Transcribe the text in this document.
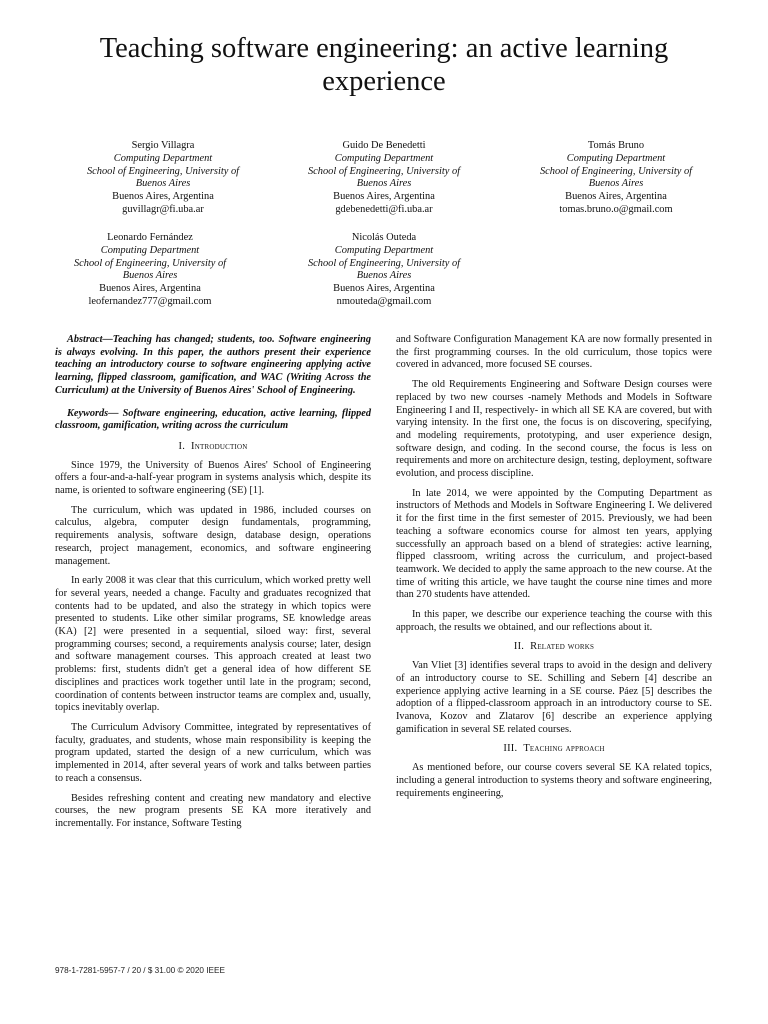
Teaching software engineering: an active learning experience
Sergio Villagra
Computing Department
School of Engineering, University of
Buenos Aires
Buenos Aires, Argentina
guvillagr@fi.uba.ar
Guido De Benedetti
Computing Department
School of Engineering, University of
Buenos Aires
Buenos Aires, Argentina
gdebenedetti@fi.uba.ar
Tomás Bruno
Computing Department
School of Engineering, University of
Buenos Aires
Buenos Aires, Argentina
tomas.bruno.o@gmail.com
Leonardo Fernández
Computing Department
School of Engineering, University of
Buenos Aires
Buenos Aires, Argentina
leofernandez777@gmail.com
Nicolás Outeda
Computing Department
School of Engineering, University of
Buenos Aires
Buenos Aires, Argentina
nmouteda@gmail.com

Abstract—Teaching has changed; students, too. Software engineering is always evolving. In this paper, the authors present their experience teaching an introductory course to software engineering applying active learning, flipped classroom, gamification, and WAC (Writing Across the Curriculum) at the University of Buenos Aires' School of Engineering.

Keywords— Software engineering, education, active learning, flipped classroom, gamification, writing across the curriculum

I. Introduction

Since 1979, the University of Buenos Aires' School of Engineering offers a four-and-a-half-year program in systems analysis which, despite its name, is oriented to software engineering (SE) [1].

The curriculum, which was updated in 1986, included courses on calculus, algebra, computer design fundamentals, programming, requirements analysis, software design, database design, operations research, project management, economics, and software engineering management.

In early 2008 it was clear that this curriculum, which worked pretty well for several years, needed a change. Faculty and graduates recognized that contents had to be updated, and also the strategy in which topics were presented to students. Like other similar programs, SE knowledge areas (KA) [2] were presented in a sequential, siloed way: first, several programming courses; second, a requirements analysis course; later, design and software management courses. This approach created at least two problems: first, students didn't get a general idea of how different SE disciplines and practices work together until late in the program; second, coordination of contents between instructor teams are complex and, usually, topics inevitably overlap.

The Curriculum Advisory Committee, integrated by representatives of faculty, graduates, and students, whose main responsibility is keeping the program updated, started the design of a new curriculum, which was implemented in 2014, after several years of work and talks between parties to reach a consensus.

Besides refreshing content and creating new mandatory and elective courses, the new program presents SE KA more iteratively and incrementally. For instance, Software Testing

and Software Configuration Management KA are now formally presented in the first programming courses. In the old curriculum, those topics were covered in advanced, more focused SE courses.

The old Requirements Engineering and Software Design courses were replaced by two new courses -namely Methods and Models in Software Engineering I and II, respectively- in which all SE KA are covered, but with varying intensity. In the first one, the focus is on discovering, specifying, and modeling requirements, prototyping, and user experience design, software design, and coding. In the second course, the focus is less on requirements and more on architecture design, testing, deployment, software evolution, and process discipline.

In late 2014, we were appointed by the Computing Department as instructors of Methods and Models in Software Engineering I. We delivered it for the first time in the first semester of 2015. Previously, we had been teaching a software economics course for almost ten years, applying successfully an approach based on a blend of strategies: active learning, flipped classroom, writing across the curriculum, and project-based teamwork. We decided to apply the same approach to the new course. At the time of writing this article, we have taught the course nine times and more than 270 students have attended.

In this paper, we describe our experience teaching the course with this approach, the results we obtained, and our reflections about it.

II. Related works

Van Vliet [3] identifies several traps to avoid in the design and delivery of an introductory course to SE. Schilling and Sebern [4] describe an experience applying active learning in a SE course. Páez [5] describes the adoption of a flipped-classroom approach in an introductory course to SE. Ivanova, Kozov and Zlatarov [6] describe an experience applying gamification in several SE related courses.

III. Teaching approach

As mentioned before, our course covers several SE KA related topics, including a general introduction to systems theory and software engineering, requirements engineering,

978-1-7281-5957-7 / 20 / $ 31.00 © 2020 IEEE
